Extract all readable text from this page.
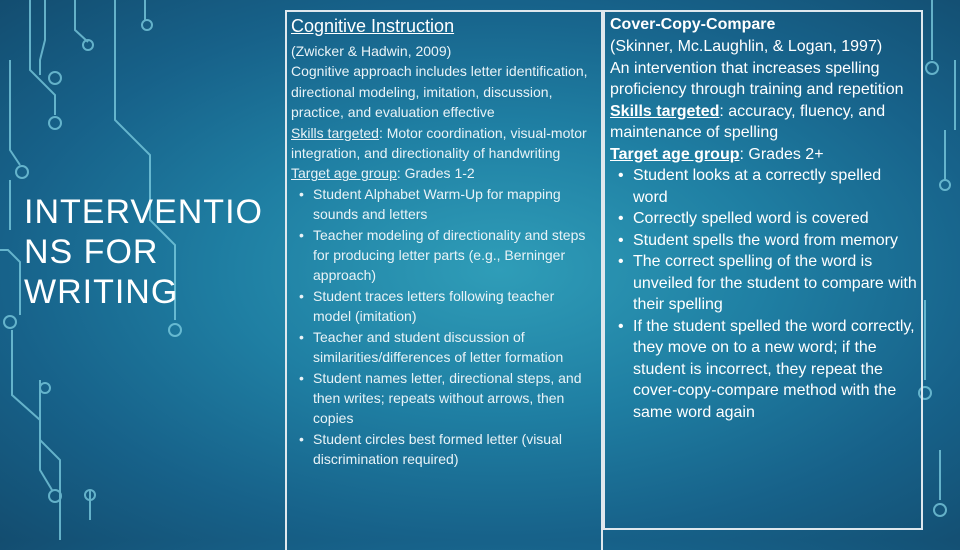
INTERVENTIO
NS FOR
WRITING
Cognitive Instruction
(Zwicker & Hadwin, 2009)
Cognitive approach includes letter identification, directional modeling, imitation, discussion, practice, and evaluation effective
Skills targeted: Motor coordination, visual-motor integration, and directionality of handwriting
Target age group: Grades 1-2
• Student Alphabet Warm-Up for mapping sounds and letters
• Teacher modeling of directionality and steps for producing letter parts (e.g., Berninger approach)
• Student traces letters following teacher model (imitation)
• Teacher and student discussion of similarities/differences of letter formation
• Student names letter, directional steps, and then writes; repeats without arrows, then copies
• Student circles best formed letter (visual discrimination required)
Cover-Copy-Compare
(Skinner, Mc.Laughlin, & Logan, 1997)
An intervention that increases spelling proficiency through training and repetition
Skills targeted: accuracy, fluency, and maintenance of spelling
Target age group: Grades 2+
• Student looks at a correctly spelled word
• Correctly spelled word is covered
• Student spells the word from memory
• The correct spelling of the word is unveiled for the student to compare with their spelling
• If the student spelled the word correctly, they move on to a new word; if the student is incorrect, they repeat the cover-copy-compare method with the same word again
